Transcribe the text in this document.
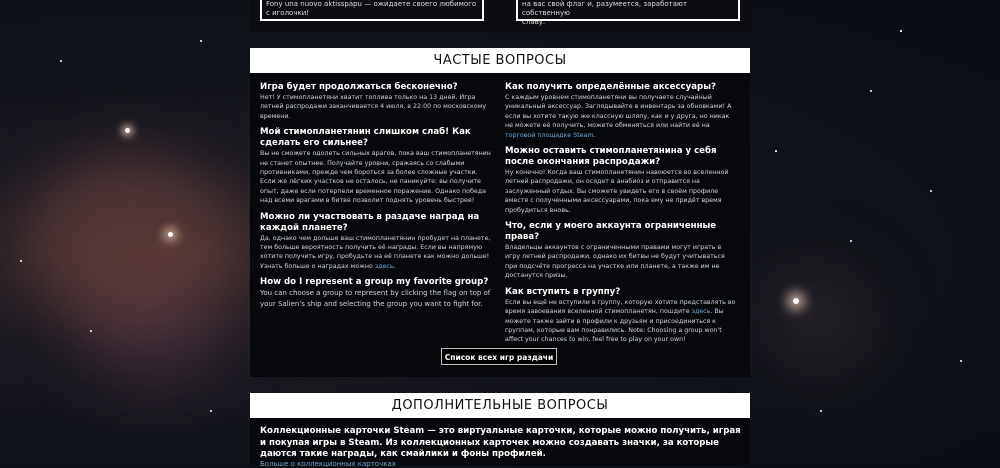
Fony una nuovo aktisspapu — ожидаете своего любимого
с иголочки!
на вас свой флаг и, разумеется, заработают собственную
славу.
ЧАСТЫЕ ВОПРОСЫ
Игра будет продолжаться бесконечно?
Нет! У стимопланетяни хватит топлива только на 13 дней. Игра летней распродажи заканчивается 4 июля, в 22:00 по московскому времени.
Мой стимопланетянин слишком слаб! Как сделать его сильнее?
Вы не сможете одолеть сильных врагов, пока ваш стимопланетянин не станет опытнее. Получайте уровни, сражаясь со слабыми противниками, прежде чем бороться за более сложные участки. Если же лёгких участков не осталось, не паникуйте: вы получите опыт, даже если потерпели временное поражение. Однако победа над всеми врагами в битве позволит поднять уровень быстрее!
Можно ли участвовать в раздаче наград на каждой планете?
Да, однако чем дольше ваш стимопланетянин пробудет на планете, тем больше вероятность получить её награды. Если вы напрямую хотите получить игру, пробудьте на её планете как можно дольше! Узнать больше о наградах можно здесь.
How do I represent a group my favorite group?
You can choose a group to represent by clicking the flag on top of your Salien's ship and selecting the group you want to fight for.
Как получить определённые аксессуары?
С каждым уровнем стимопланетяни вы получаете случайный уникальный аксессуар. Заглядывайте в инвентарь за обновками! А если вы хотите такую же классную шляпу, как и у друга, но никак не можете её получить, можете обменяться или найти её на торговой площадке Steam.
Можно оставить стимопланетянина у себя после окончания распродажи?
Ну конечно! Когда ваш стимопланетянин навоюется во вселенной летней распродажи, он осядет в анабиоз и отправится на заслуженный отдых. Вы сможете увидеть его в своём профиле вместе с полученными аксессуарами, пока ему не придёт время пробудиться вновь.
Что, если у моего аккаунта ограниченные права?
Владельцы аккаунтов с ограниченными правами могут играть в игру летней распродажи, однако их битвы не будут учитываться при подсчёте прогресса на участке или планете, а также им не достанутся призы.
Как вступить в группу?
Если вы ещё не вступили в группу, которую хотите представлять во время завоевания вселенной стимопланетян, пошдите здесь. Вы можете также зайти в профили к друзьям и присоединиться к группам, которые вам понравились. Note: Choosing a group won't affect your chances to win, feel free to play on your own!
Список всех игр раздачи
ДОПОЛНИТЕЛЬНЫЕ ВОПРОСЫ
Коллекционные карточки Steam — это виртуальные карточки, которые можно получить, играя и покупая игры в Steam. Из коллекционных карточек можно создавать значки, за которые даются такие награды, как смайлики и фоны профилей.
Больше о коллекционных карточках
